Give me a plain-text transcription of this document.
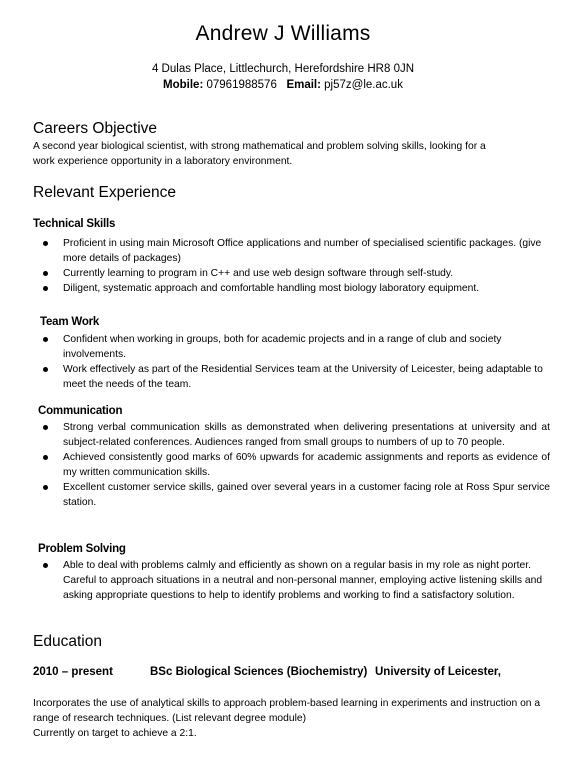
Andrew J Williams
4 Dulas Place, Littlechurch, Herefordshire HR8 0JN
Mobile: 07961988576 Email: pj57z@le.ac.uk
Careers Objective
A second year biological scientist, with strong mathematical and problem solving skills, looking for a
work experience opportunity in a laboratory environment.
Relevant Experience
Technical Skills
Proficient in using main Microsoft Office applications and number of specialised scientific packages. (give more details of packages)
Currently learning to program in C++ and use web design software through self-study.
Diligent, systematic approach and comfortable handling most biology laboratory equipment.
Team Work
Confident when working in groups, both for academic projects and in a range of club and society involvements.
Work effectively as part of the Residential Services team at the University of Leicester, being adaptable to meet the needs of the team.
Communication
Strong verbal communication skills as demonstrated when delivering presentations at university and at subject-related conferences. Audiences ranged from small groups to numbers of up to 70 people.
Achieved consistently good marks of 60% upwards for academic assignments and reports as evidence of my written communication skills.
Excellent customer service skills, gained over several years in a customer facing role at Ross Spur service station.
Problem Solving
Able to deal with problems calmly and efficiently as shown on a regular basis in my role as night porter. Careful to approach situations in a neutral and non-personal manner, employing active listening skills and asking appropriate questions to help to identify problems and working to find a satisfactory solution.
Education

2010 – present

	BSc Biological Sciences (Biochemistry)

University of Leicester,

Incorporates the use of analytical skills to approach problem-based learning in experiments and instruction on a
range of research techniques. (List relevant degree module)
Currently on target to achieve a 2:1.
